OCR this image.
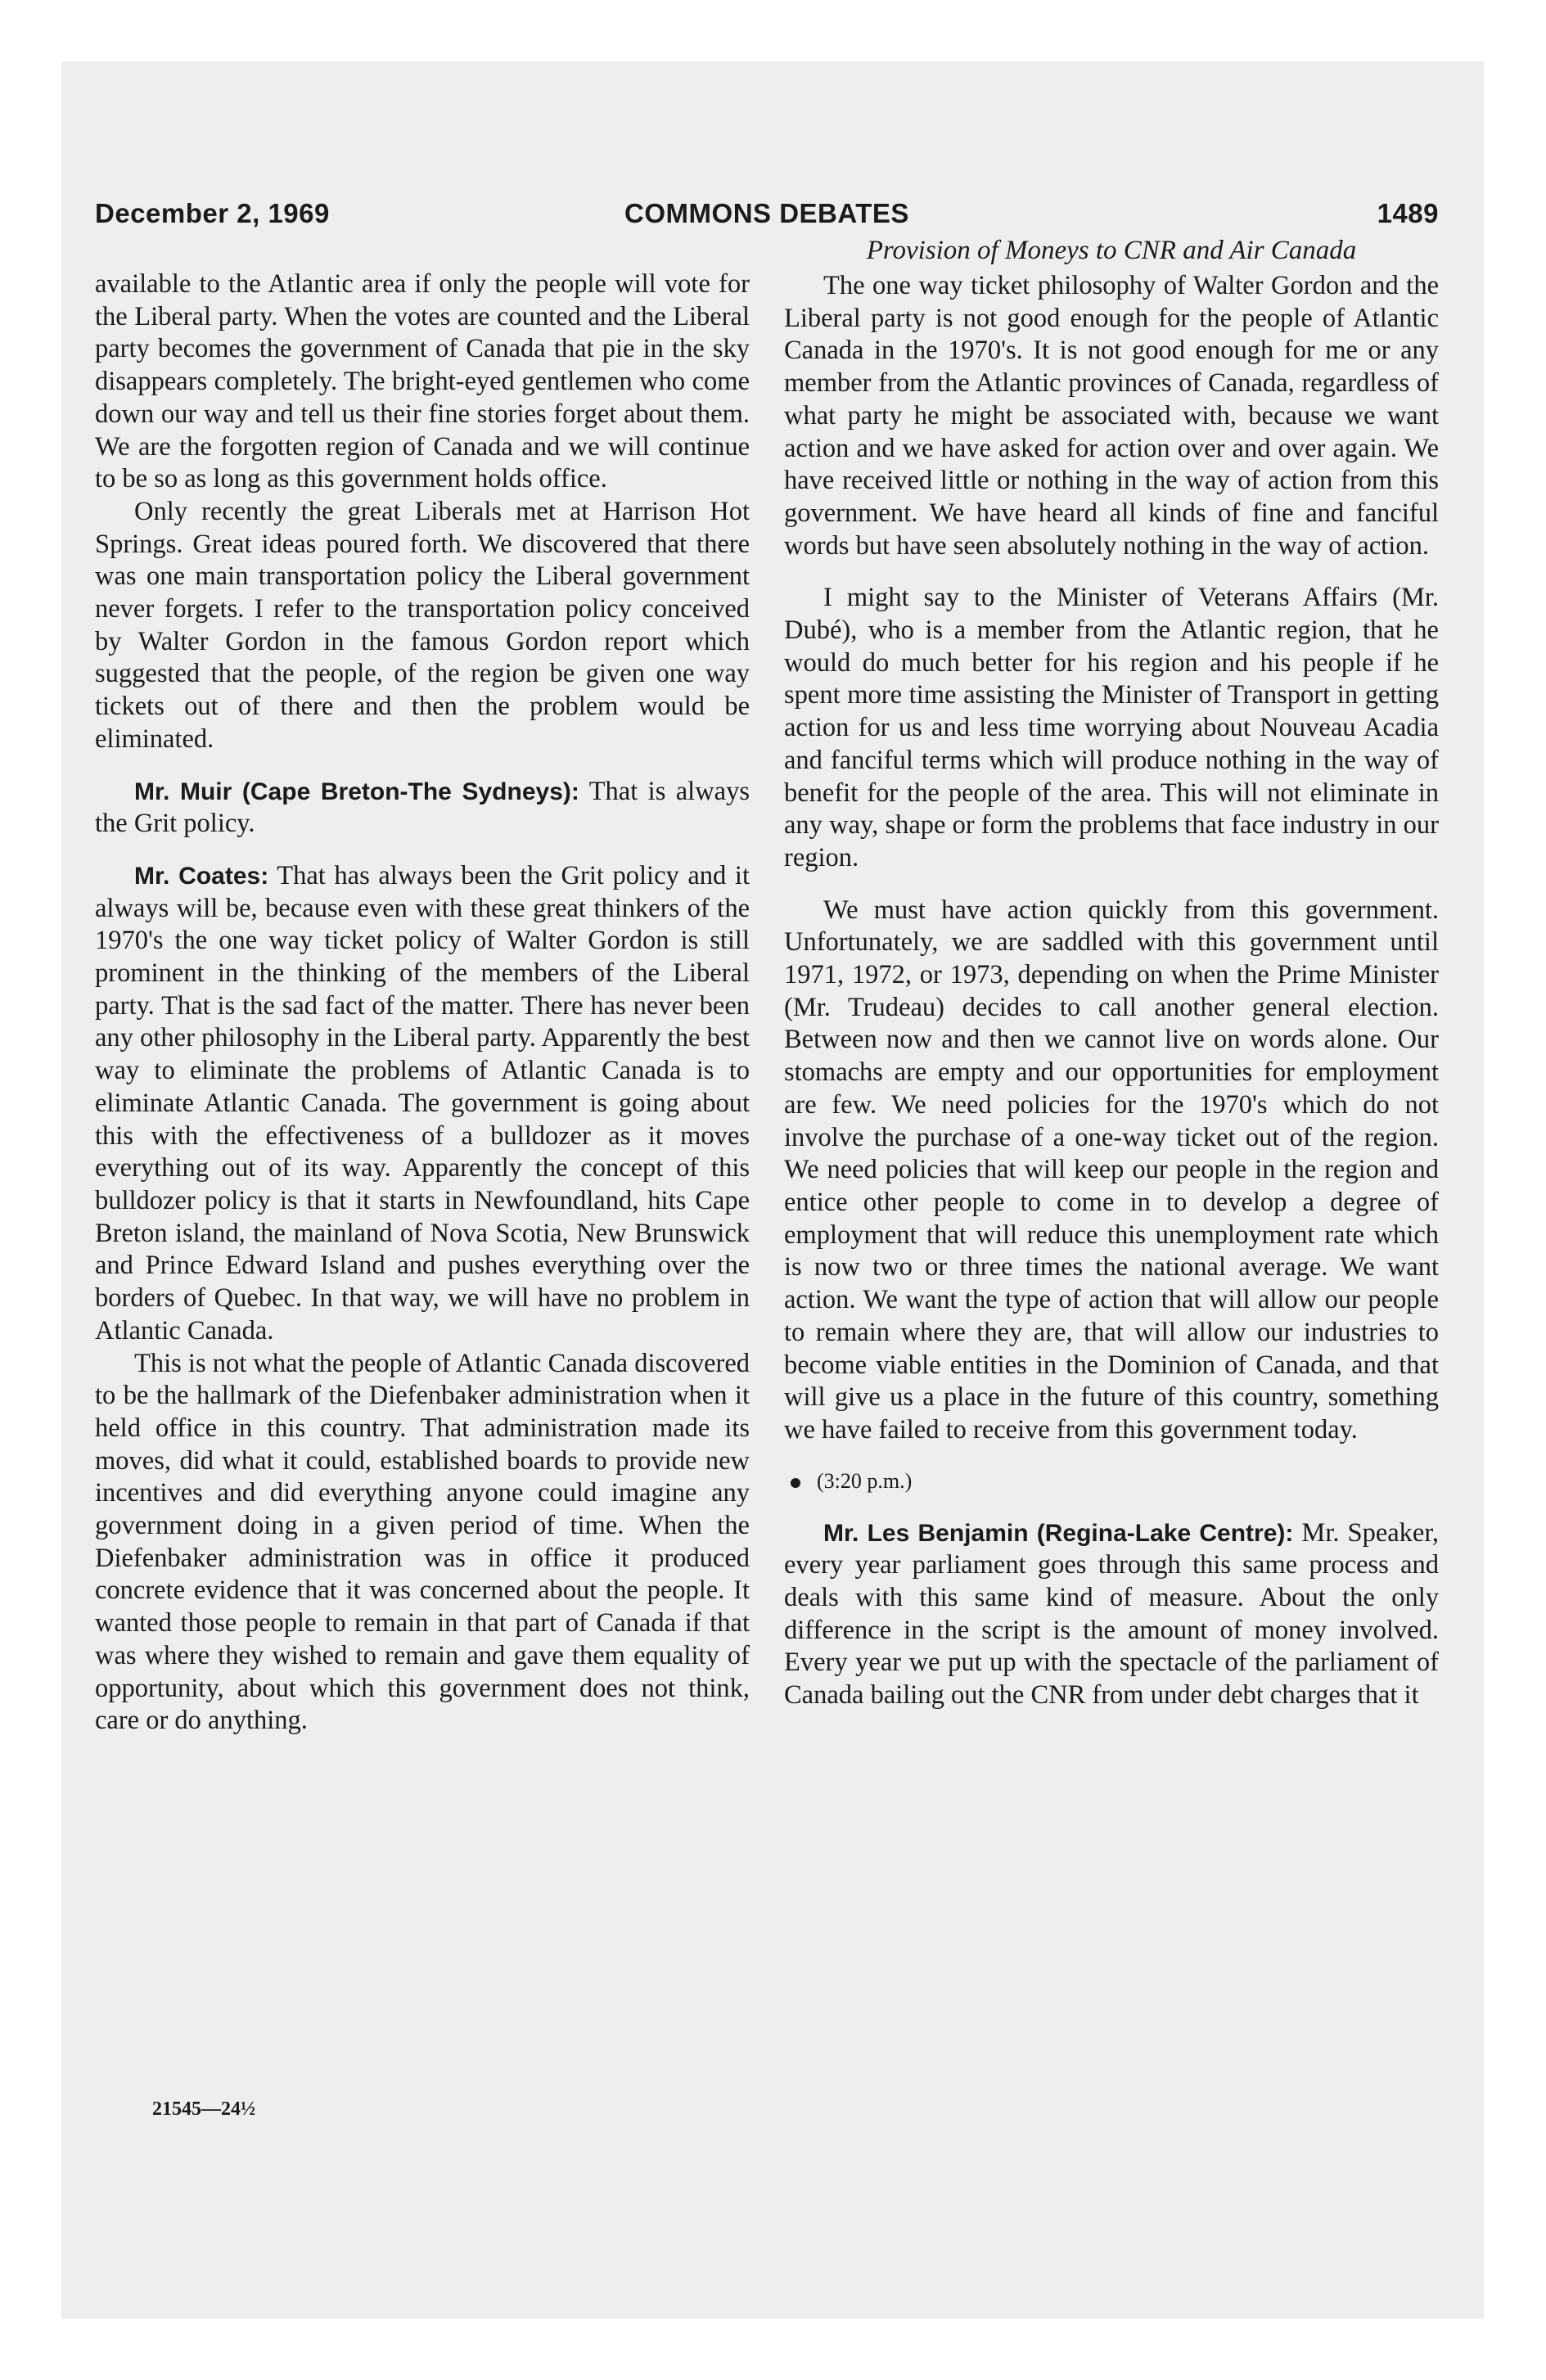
December 2, 1969	COMMONS DEBATES	1489

available to the Atlantic area if only the people will vote for the Liberal party. When the votes are counted and the Liberal party becomes the government of Canada that pie in the sky disappears completely. The bright-eyed gentlemen who come down our way and tell us their fine stories forget about them. We are the forgotten region of Canada and we will continue to be so as long as this government holds office.

Only recently the great Liberals met at Harrison Hot Springs. Great ideas poured forth. We discovered that there was one main transportation policy the Liberal government never forgets. I refer to the transportation policy conceived by Walter Gordon in the famous Gordon report which suggested that the people, of the region be given one way tickets out of there and then the problem would be eliminated.

Mr. Muir (Cape Breton-The Sydneys): That is always the Grit policy.

Mr. Coates: That has always been the Grit policy and it always will be, because even with these great thinkers of the 1970's the one way ticket policy of Walter Gordon is still prominent in the thinking of the members of the Liberal party. That is the sad fact of the matter. There has never been any other philosophy in the Liberal party. Apparently the best way to eliminate the problems of Atlantic Canada is to eliminate Atlantic Canada. The government is going about this with the effectiveness of a bulldozer as it moves everything out of its way. Apparently the concept of this bulldozer policy is that it starts in Newfoundland, hits Cape Breton island, the mainland of Nova Scotia, New Brunswick and Prince Edward Island and pushes everything over the borders of Quebec. In that way, we will have no problem in Atlantic Canada.

This is not what the people of Atlantic Canada discovered to be the hallmark of the Diefenbaker administration when it held office in this country. That administration made its moves, did what it could, established boards to provide new incentives and did everything anyone could imagine any government doing in a given period of time. When the Diefenbaker administration was in office it produced concrete evidence that it was concerned about the people. It wanted those people to remain in that part of Canada if that was where they wished to remain and gave them equality of opportunity, about which this government does not think, care or do anything.

21545—24½

Provision of Moneys to CNR and Air Canada

The one way ticket philosophy of Walter Gordon and the Liberal party is not good enough for the people of Atlantic Canada in the 1970's. It is not good enough for me or any member from the Atlantic provinces of Canada, regardless of what party he might be associated with, because we want action and we have asked for action over and over again. We have received little or nothing in the way of action from this government. We have heard all kinds of fine and fanciful words but have seen absolutely nothing in the way of action.

I might say to the Minister of Veterans Affairs (Mr. Dubé), who is a member from the Atlantic region, that he would do much better for his region and his people if he spent more time assisting the Minister of Transport in getting action for us and less time worrying about Nouveau Acadia and fanciful terms which will produce nothing in the way of benefit for the people of the area. This will not eliminate in any way, shape or form the problems that face industry in our region.

We must have action quickly from this government. Unfortunately, we are saddled with this government until 1971, 1972, or 1973, depending on when the Prime Minister (Mr. Trudeau) decides to call another general election. Between now and then we cannot live on words alone. Our stomachs are empty and our opportunities for employment are few. We need policies for the 1970's which do not involve the purchase of a one-way ticket out of the region. We need policies that will keep our people in the region and entice other people to come in to develop a degree of employment that will reduce this unemployment rate which is now two or three times the national average. We want action. We want the type of action that will allow our people to remain where they are, that will allow our industries to become viable entities in the Dominion of Canada, and that will give us a place in the future of this country, something we have failed to receive from this government today.

(3:20 p.m.)

Mr. Les Benjamin (Regina-Lake Centre): Mr. Speaker, every year parliament goes through this same process and deals with this same kind of measure. About the only difference in the script is the amount of money involved. Every year we put up with the spectacle of the parliament of Canada bailing out the CNR from under debt charges that it
